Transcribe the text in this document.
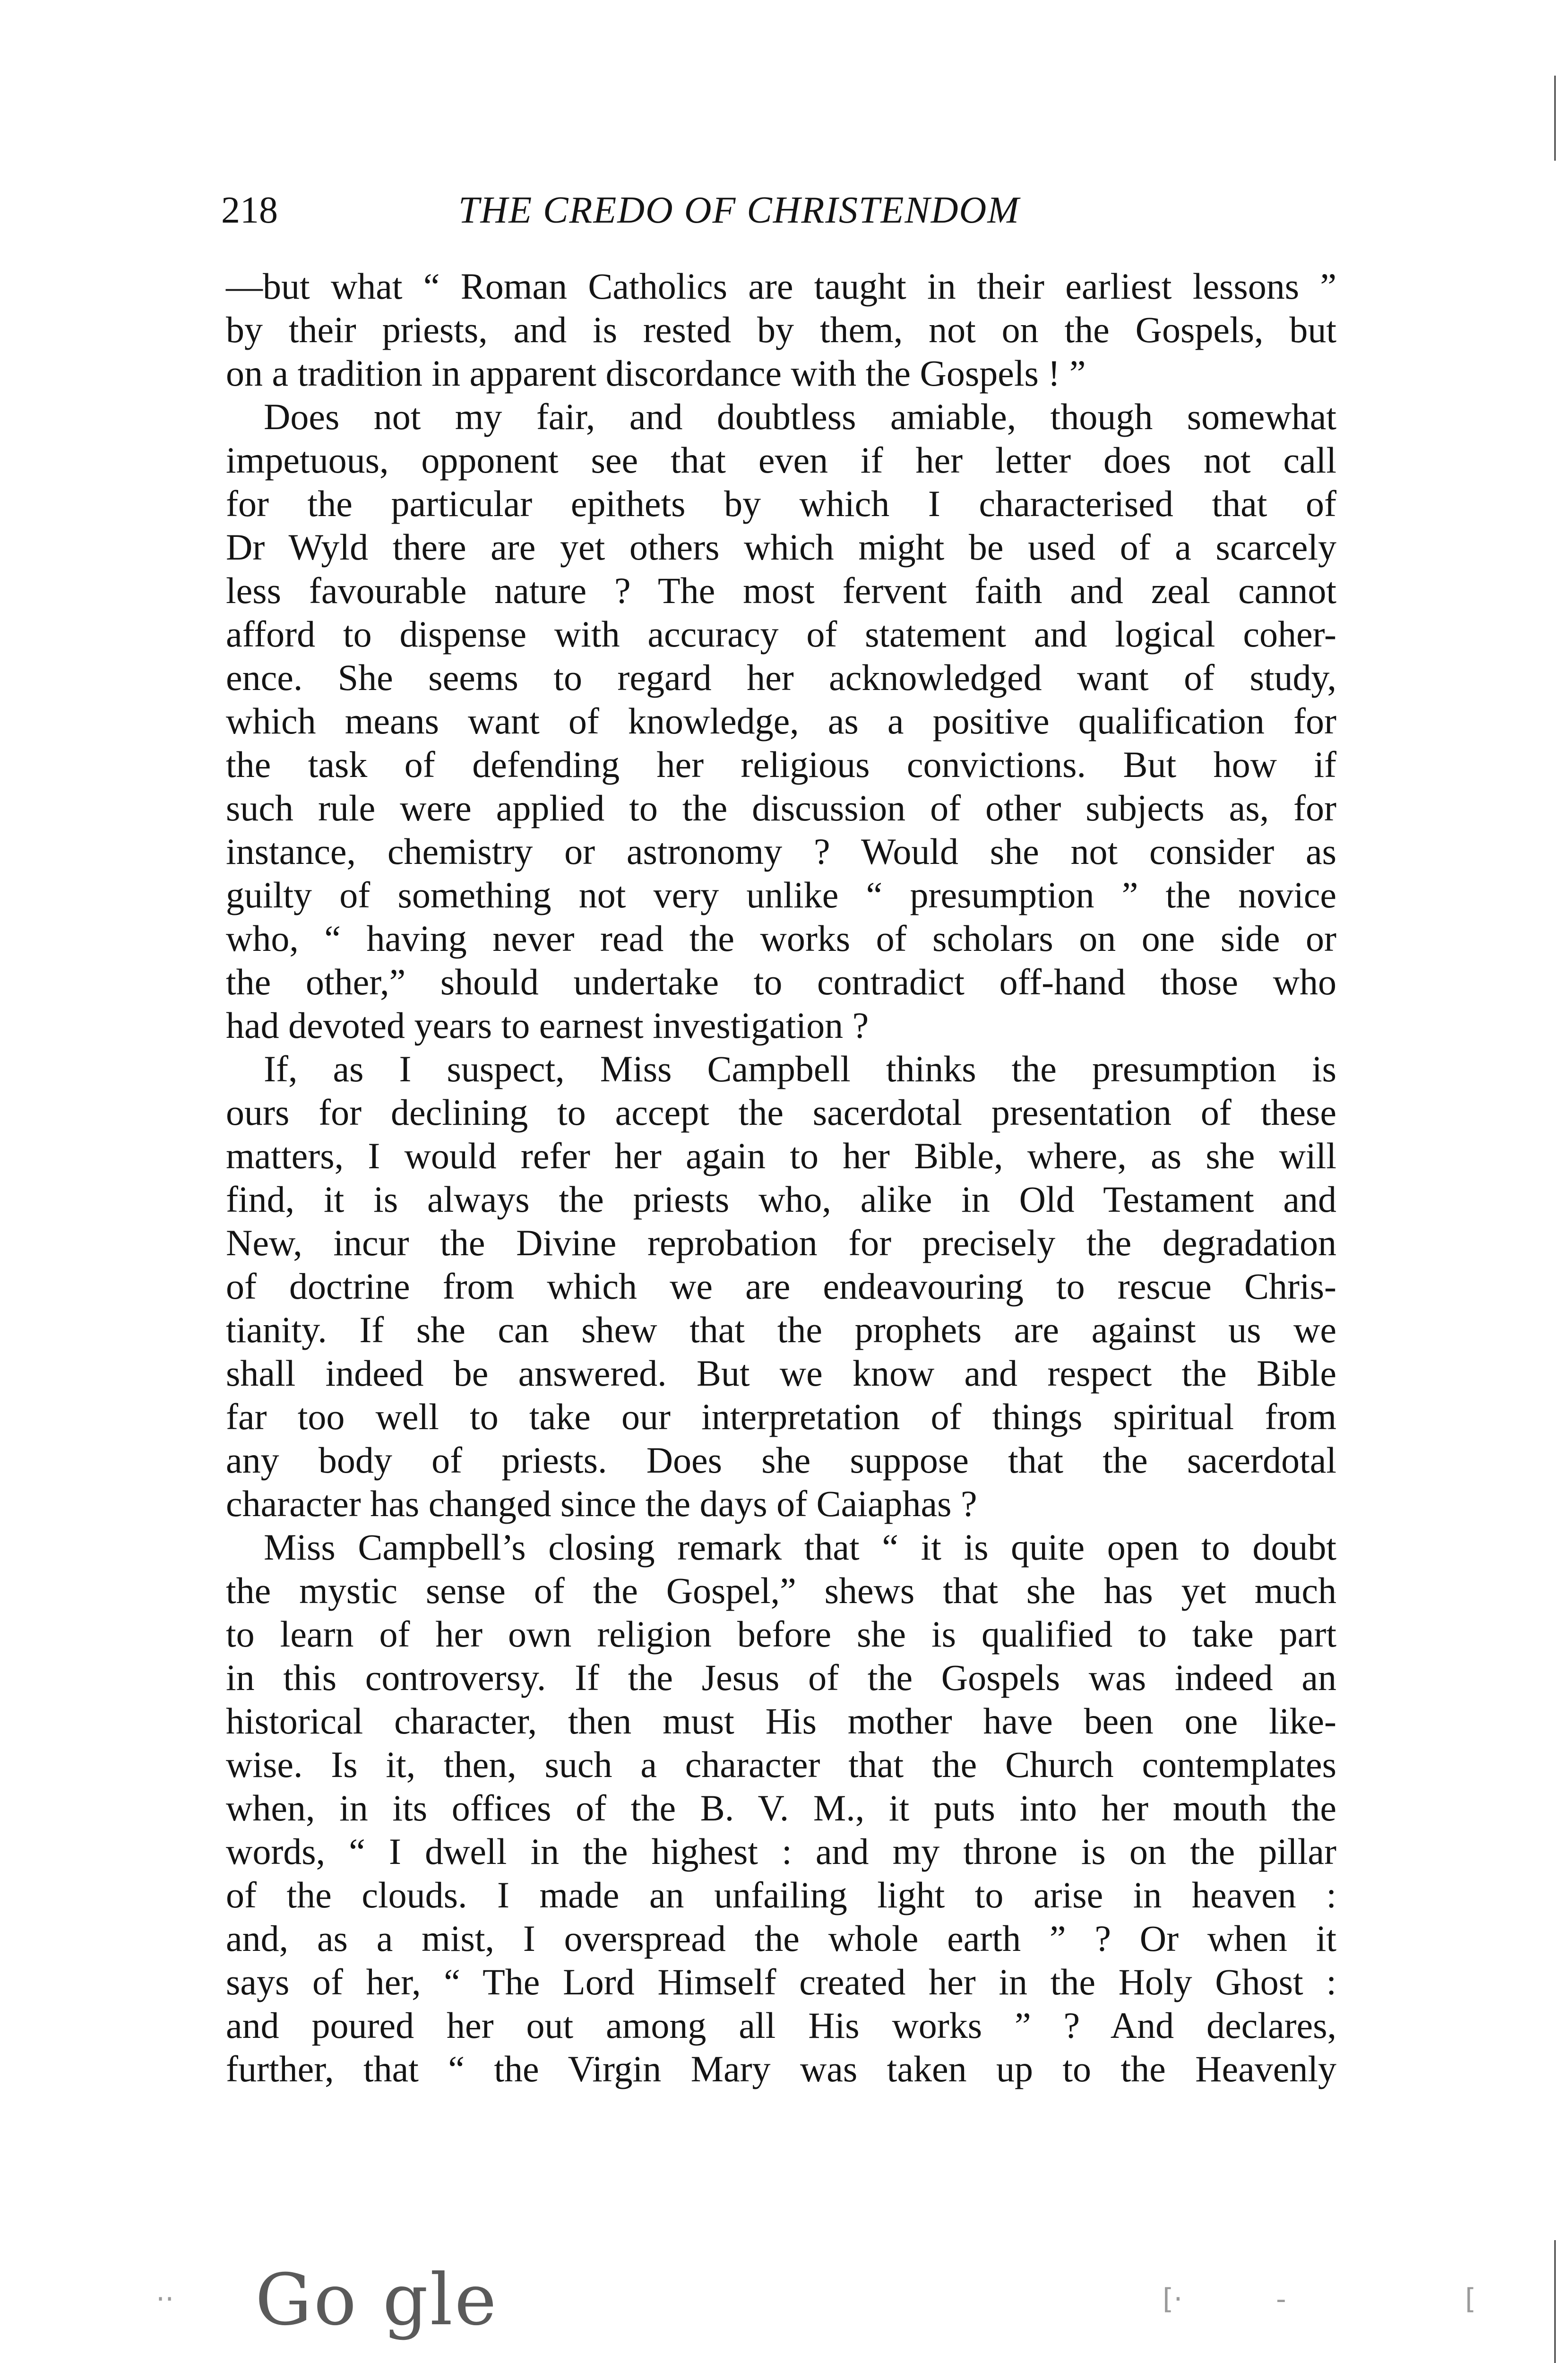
218	THE CREDO OF CHRISTENDOM
—but what “ Roman Catholics are taught in their earliest lessons ”
by their priests, and is rested by them, not on the Gospels, but
on a tradition in apparent discordance with the Gospels ! ”
Does not my fair, and doubtless amiable, though somewhat
impetuous, opponent see that even if her letter does not call
for the particular epithets by which I characterised that of
Dr Wyld there are yet others which might be used of a scarcely
less favourable nature ? The most fervent faith and zeal cannot
afford to dispense with accuracy of statement and logical coher-
ence. She seems to regard her acknowledged want of study,
which means want of knowledge, as a positive qualification for
the task of defending her religious convictions. But how if
such rule were applied to the discussion of other subjects as, for
instance, chemistry or astronomy ? Would she not consider as
guilty of something not very unlike “ presumption ” the novice
who, “ having never read the works of scholars on one side or
the other,” should undertake to contradict off-hand those who
had devoted years to earnest investigation ?
If, as I suspect, Miss Campbell thinks the presumption is
ours for declining to accept the sacerdotal presentation of these
matters, I would refer her again to her Bible, where, as she will
find, it is always the priests who, alike in Old Testament and
New, incur the Divine reprobation for precisely the degradation
of doctrine from which we are endeavouring to rescue Chris-
tianity. If she can shew that the prophets are against us we
shall indeed be answered. But we know and respect the Bible
far too well to take our interpretation of things spiritual from
any body of priests. Does she suppose that the sacerdotal
character has changed since the days of Caiaphas ?
Miss Campbell’s closing remark that “ it is quite open to doubt
the mystic sense of the Gospel,” shews that she has yet much
to learn of her own religion before she is qualified to take part
in this controversy. If the Jesus of the Gospels was indeed an
historical character, then must His mother have been one like-
wise. Is it, then, such a character that the Church contemplates
when, in its offices of the B. V. M., it puts into her mouth the
words, “ I dwell in the highest : and my throne is on the pillar
of the clouds. I made an unfailing light to arise in heaven :
and, as a mist, I overspread the whole earth ” ? Or when it
says of her, “ The Lord Himself created her in the Holy Ghost :
and poured her out among all His works ” ? And declares,
further, that “ the Virgin Mary was taken up to the Heavenly
·· Go gle	[·	-	[
